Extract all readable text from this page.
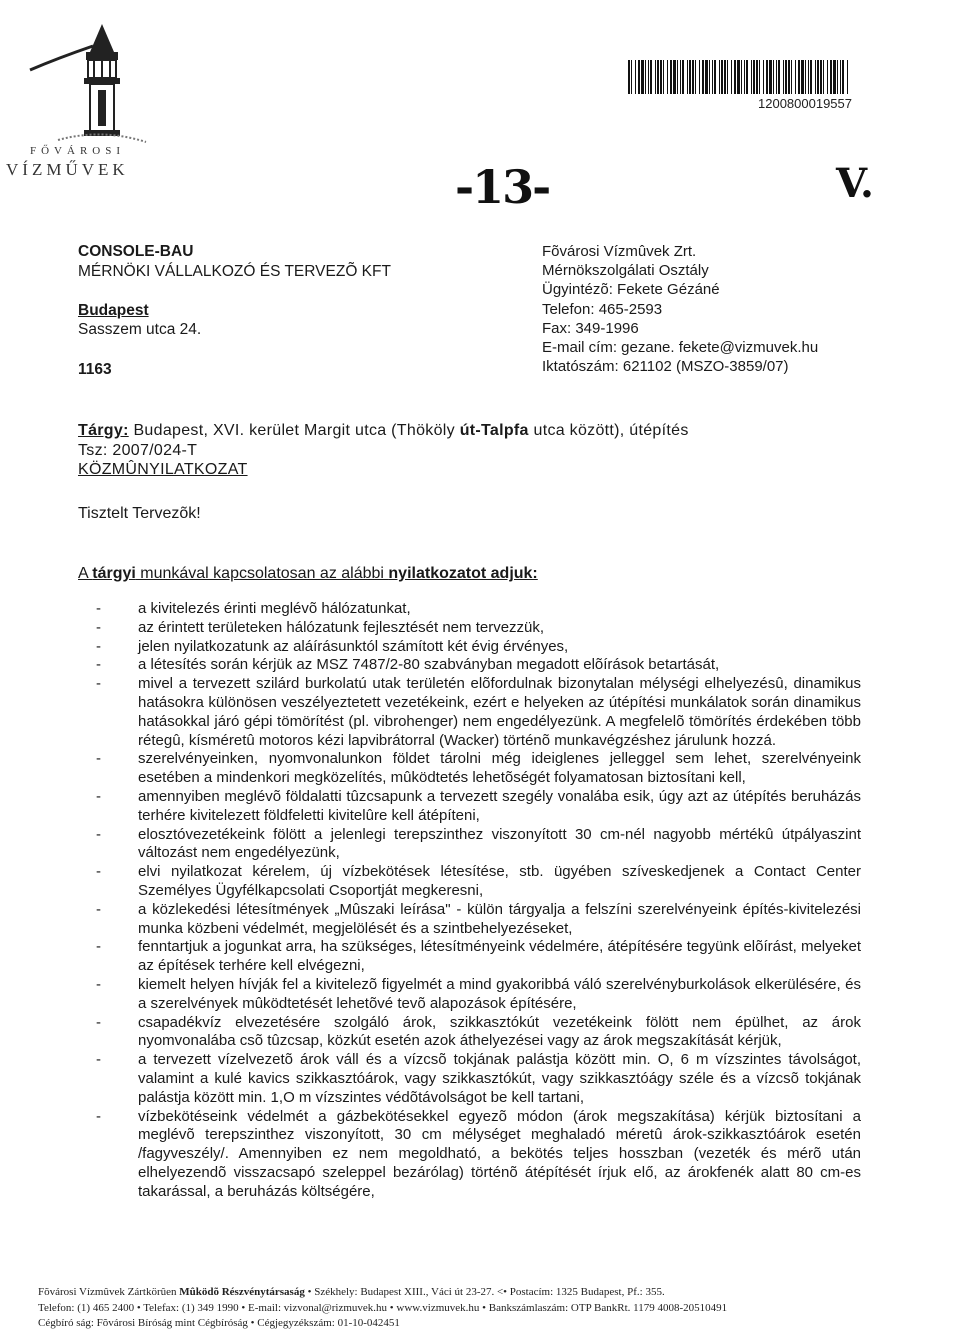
FŐVÁROSI
VÍZMŰVEK
1200800019557
-13-	V.
CONSOLE-BAU
MÉRNÖKI VÁLLALKOZÓ ÉS TERVEZÕ KFT
Budapest
Sasszem utca 24.
1163
Fõvárosi Vízmûvek Zrt.
Mérnökszolgálati Osztály
Ügyintézõ: Fekete Gézáné
Telefon: 465-2593
Fax: 349-1996
E-mail cím: gezane. fekete@vizmuvek.hu
Iktatószám: 621102 (MSZO-3859/07)
Tárgy: Budapest, XVI. kerület Margit utca (Thököly út-Talpfa utca között), útépítés
Tsz: 2007/024-T
KÖZMÛNYILATKOZAT
Tisztelt Tervezõk!
A tárgyi munkával kapcsolatosan az alábbi nyilatkozatot adjuk:
- a kivitelezés érinti meglévõ hálózatunkat,
- az érintett területeken hálózatunk fejlesztését nem tervezzük,
- jelen nyilatkozatunk az aláírásunktól számított két évig érvényes,
- a létesítés során kérjük az MSZ 7487/2-80 szabványban megadott elõírások betartását,
- mivel a tervezett szilárd burkolatú utak területén elõfordulnak bizonytalan mélységi elhelyezésû, dinamikus hatásokra különösen veszélyeztetett vezetékeink, ezért e helyeken az útépítési munkálatok során dinamikus hatásokkal járó gépi tömörítést (pl. vibrohenger) nem engedélyezünk. A megfelelõ tömörítés érdekében több rétegû, kísméretû motoros kézi lapvibrátorral (Wacker) történõ munkavégzéshez járulunk hozzá.
- szerelvényeinken, nyomvonalunkon földet tárolni még ideiglenes jelleggel sem lehet, szerelvényeink esetében a mindenkori megközelítés, mûködtetés lehetõségét folyamatosan biztosítani kell,
- amennyiben meglévõ földalatti tûzcsapunk a tervezett szegély vonalába esik, úgy azt az útépítés beruházás terhére kivitelezett földfeletti kivitelûre kell átépíteni,
- elosztóvezetékeink fölött a jelenlegi terepszinthez viszonyított 30 cm-nél nagyobb mértékû útpályaszint változást nem engedélyezünk,
- elvi nyilatkozat kérelem, új vízbekötések létesítése, stb. ügyében szíveskedjenek a Contact Center Személyes Ügyfélkapcsolati Csoportját megkeresni,
- a közlekedési létesítmények „Mûszaki leírása" - külön tárgyalja a felszíni szerelvényeink építés-kivitelezési munka közbeni védelmét, megjelölését és a szintbehelyezéseket,
- fenntartjuk a jogunkat arra, ha szükséges, létesítményeink védelmére, átépítésére tegyünk elõírást, melyeket az építések terhére kell elvégezni,
- kiemelt helyen hívják fel a kivitelezõ figyelmét a mind gyakoribbá váló szerelvényburkolások elkerülésére, és a szerelvények mûködtetését lehetõvé tevõ alapozások építésére,
- csapadékvíz elvezetésére szolgáló árok, szikkasztókút vezetékeink fölött nem épülhet, az árok nyomvonalába csõ tûzcsap, közkút esetén azok áthelyezései vagy az árok megszakítását kérjük,
- a tervezett vízelvezetõ árok váll és a vízcsõ tokjának palástja között min. O, 6 m vízszintes távolságot, valamint a kulé kavics szikkasztóárok, vagy szikkasztókút, vagy szikkasztóágy széle és a vízcsõ tokjának palástja között min. 1,O m vízszintes védõtávolságot be kell tartani,
- vízbekötéseink védelmét a gázbekötésekkel egyezõ módon (árok megszakítása) kérjük biztosítani a meglévõ terepszinthez viszonyított, 30 cm mélységet meghaladó méretû árok-szikkasztóárok esetén /fagyveszély/. Amennyiben ez nem megoldható, a bekötés teljes hosszban (vezeték és mérõ után elhelyezendõ visszacsapó szeleppel bezárólag) történõ átépítését írjuk elő, az árokfenék alatt 80 cm-es takarással, a beruházás költségére,
Fõvárosi Vízmûvek Zártkörûen Mûködõ Részvénytársaság • Székhely: Budapest XIII., Váci út 23-27. <• Postacím: 1325 Budapest, Pf.: 355.
Telefon: (1) 465 2400 • Telefax: (1) 349 1990 • E-mail: vizvonal@rizmuvek.hu • www.vizmuvek.hu • Bankszámlaszám: OTP BankRt. 1179 4008-20510491
Cégbíró ság: Fõvárosi Bíróság mint Cégbíróság • Cégjegyzékszám: 01-10-042451
